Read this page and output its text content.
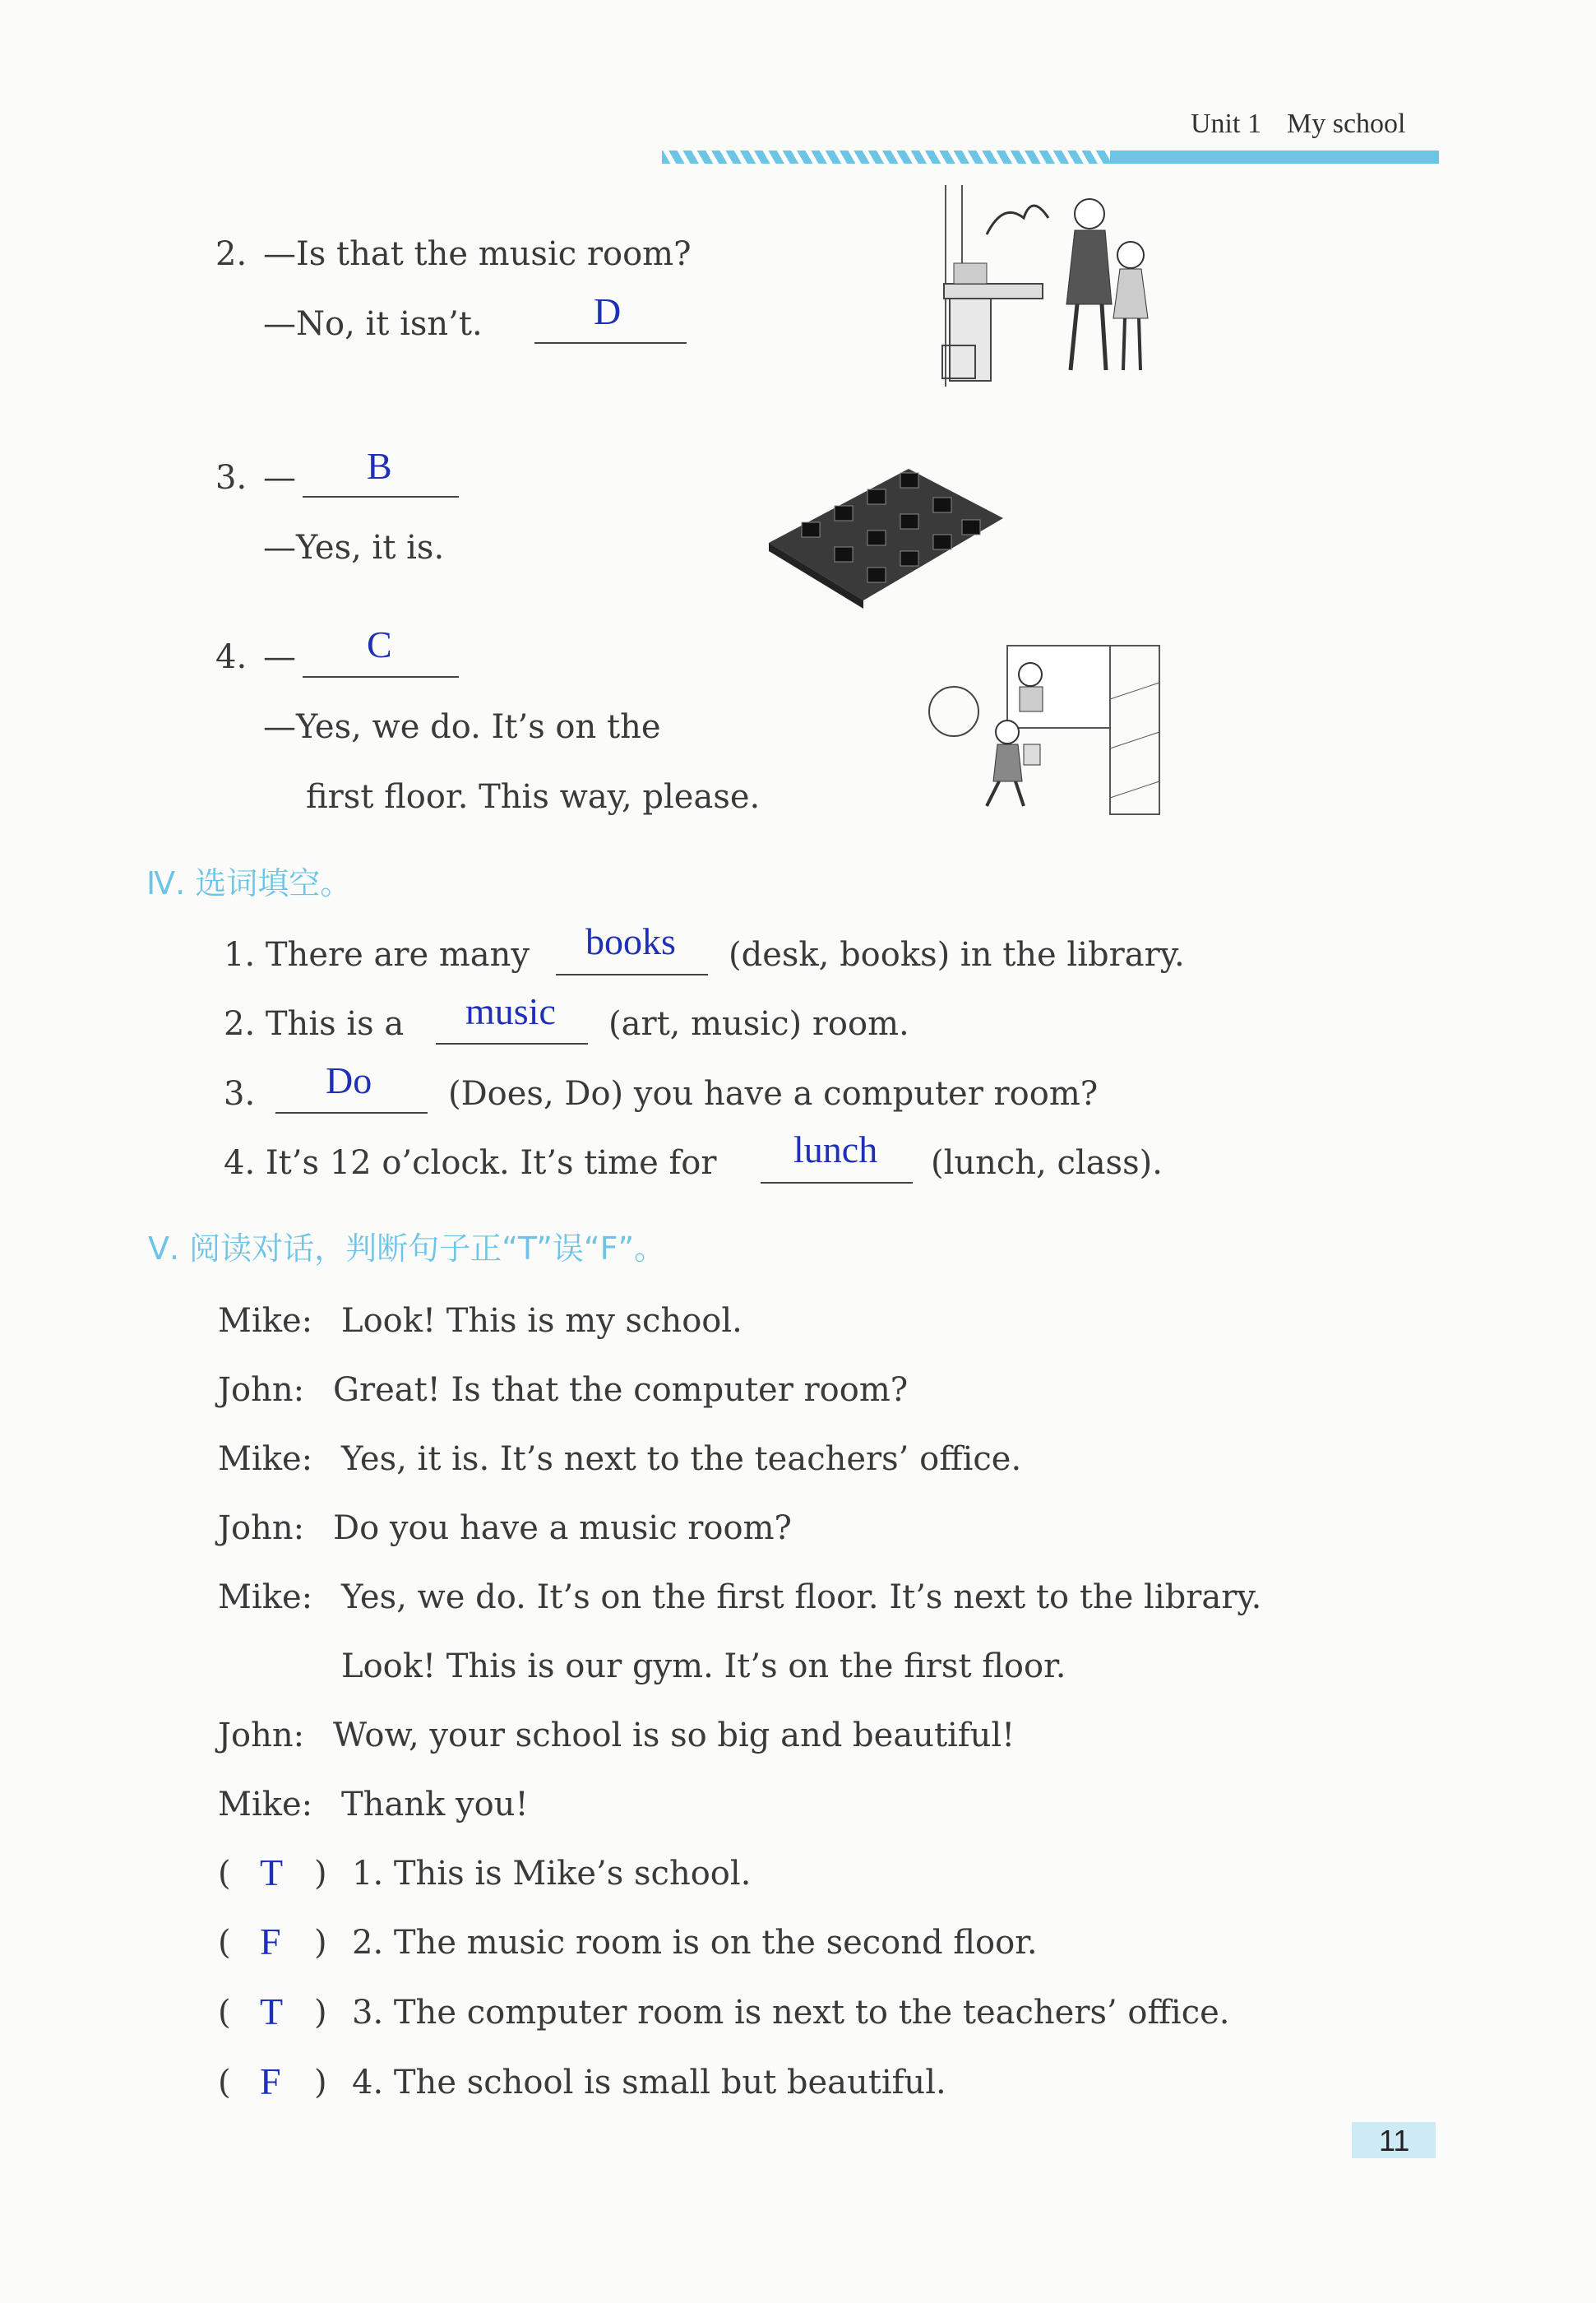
Unit 1 My school
2. —Is that the music room?
—No, it isn’t.	D
3. — B
—Yes, it is.
4. — C
—Yes, we do. It’s on the
first floor. This way, please.
Ⅳ. 选词填空。
1. There are many books (desk, books) in the library.
2. This is a music (art, music) room.
3. Do (Does, Do) you have a computer room?
4. It’s 12 o’clock. It’s time for lunch (lunch, class).
Ⅴ. 阅读对话，判断句子正“T”误“F”。
Mike: Look! This is my school.
John: Great! Is that the computer room?
Mike: Yes, it is. It’s next to the teachers’ office.
John: Do you have a music room?
Mike: Yes, we do. It’s on the first floor. It’s next to the library.
Look! This is our gym. It’s on the first floor.
John: Wow, your school is so big and beautiful!
Mike: Thank you!
( T ) 1. This is Mike’s school.
( F ) 2. The music room is on the second floor.
( T ) 3. The computer room is next to the teachers’ office.
( F ) 4. The school is small but beautiful.
11
